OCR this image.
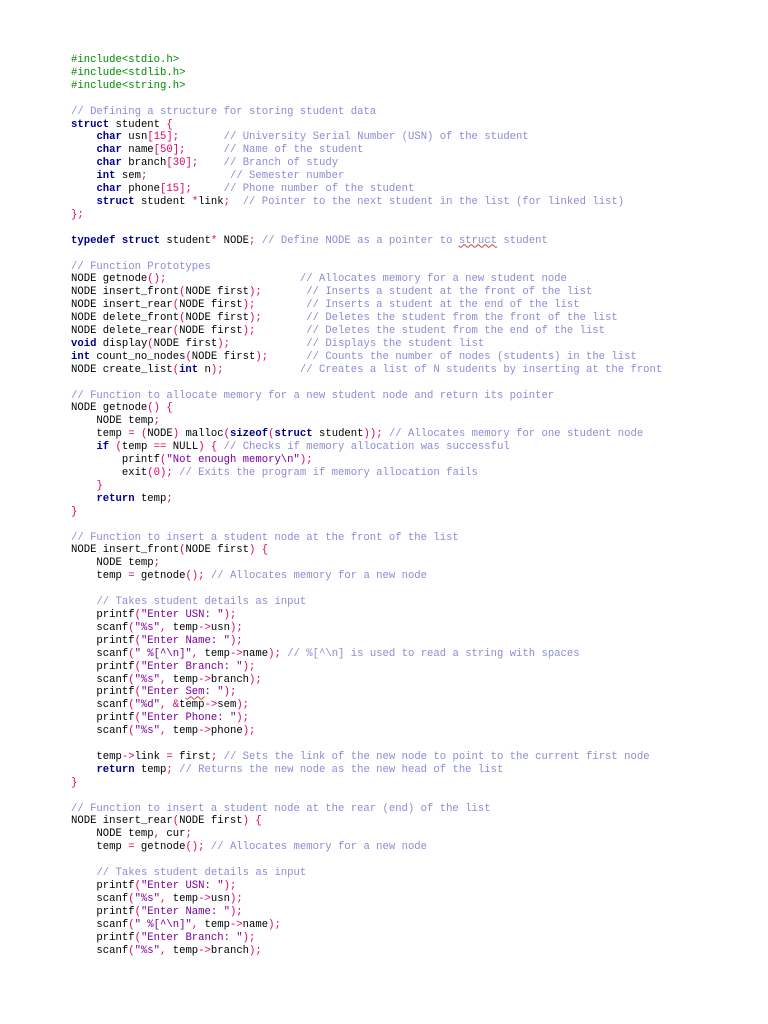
#include<stdio.h>
#include<stdlib.h>
#include<string.h>

// Defining a structure for storing student data
struct student {
char usn[15];	// University Serial Number (USN) of the student
char name[50];	// Name of the student
char branch[30]; // Branch of study
int sem;	// Semester number
char phone[15];	// Phone number of the student
struct student *link; // Pointer to the next student in the list (for linked list)
};

typedef struct student* NODE; // Define NODE as a pointer to struct student

// Function Prototypes
NODE getnode();	// Allocates memory for a new student node
NODE insert_front(NODE first);	// Inserts a student at the front of the list
NODE insert_rear(NODE first);	// Inserts a student at the end of the list
NODE delete_front(NODE first);	// Deletes the student from the front of the list
NODE delete_rear(NODE first);	// Deletes the student from the end of the list
void display(NODE first);	// Displays the student list
int count_no_nodes(NODE first);	// Counts the number of nodes (students) in the list
NODE create_list(int n);	// Creates a list of N students by inserting at the front

// Function to allocate memory for a new student node and return its pointer
NODE getnode() {
NODE temp;
temp = (NODE) malloc(sizeof(struct student)); // Allocates memory for one student node
if (temp == NULL) { // Checks if memory allocation was successful
printf("Not enough memory\n");
exit(0); // Exits the program if memory allocation fails
}
return temp;
}

// Function to insert a student node at the front of the list
NODE insert_front(NODE first) {
NODE temp;
temp = getnode(); // Allocates memory for a new node

// Takes student details as input
printf("Enter USN: ");
scanf("%s", temp->usn);
printf("Enter Name: ");
scanf(" %[^\n]", temp->name); // %[^\n] is used to read a string with spaces
printf("Enter Branch: ");
scanf("%s", temp->branch);
printf("Enter Sem: ");
scanf("%d", &temp->sem);
printf("Enter Phone: ");
scanf("%s", temp->phone);

temp->link = first; // Sets the link of the new node to point to the current first node
return temp; // Returns the new node as the new head of the list
}

// Function to insert a student node at the rear (end) of the list
NODE insert_rear(NODE first) {
NODE temp, cur;
temp = getnode(); // Allocates memory for a new node

// Takes student details as input
printf("Enter USN: ");
scanf("%s", temp->usn);
printf("Enter Name: ");
scanf(" %[^\n]", temp->name);
printf("Enter Branch: ");
scanf("%s", temp->branch);
